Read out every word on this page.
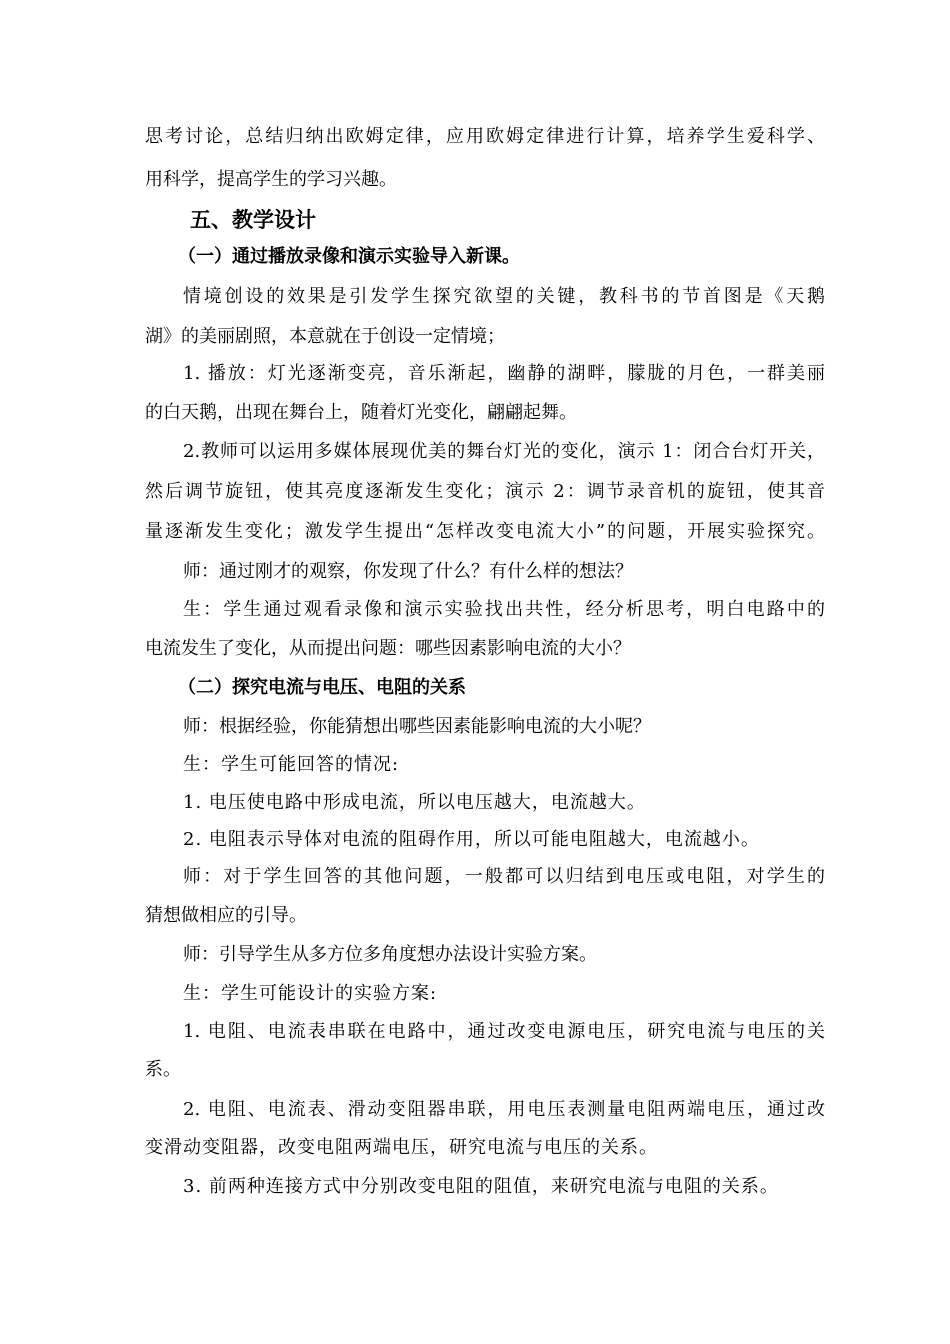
思考讨论，总结归纳出欧姆定律，应用欧姆定律进行计算，培养学生爱科学、
用科学，提高学生的学习兴趣。
五、教学设计
（一）通过播放录像和演示实验导入新课。
情境创设的效果是引发学生探究欲望的关键，教科书的节首图是《天鹅
湖》的美丽剧照，本意就在于创设一定情境；
1. 播放：灯光逐渐变亮，音乐渐起，幽静的湖畔，朦胧的月色，一群美丽
的白天鹅，出现在舞台上，随着灯光变化，翩翩起舞。
2.教师可以运用多媒体展现优美的舞台灯光的变化，演示 1：闭合台灯开关，
然后调节旋钮，使其亮度逐渐发生变化；演示 2：调节录音机的旋钮，使其音
量逐渐发生变化；激发学生提出“怎样改变电流大小”的问题，开展实验探究。
师：通过刚才的观察，你发现了什么？有什么样的想法？
生：学生通过观看录像和演示实验找出共性，经分析思考，明白电路中的
电流发生了变化，从而提出问题：哪些因素影响电流的大小？
（二）探究电流与电压、电阻的关系
师：根据经验，你能猜想出哪些因素能影响电流的大小呢？
生：学生可能回答的情况:
1. 电压使电路中形成电流，所以电压越大，电流越大。
2. 电阻表示导体对电流的阻碍作用，所以可能电阻越大，电流越小。
师：对于学生回答的其他问题，一般都可以归结到电压或电阻，对学生的
猜想做相应的引导。
师：引导学生从多方位多角度想办法设计实验方案。
生：学生可能设计的实验方案:
1. 电阻、电流表串联在电路中，通过改变电源电压，研究电流与电压的关
系。
2. 电阻、电流表、滑动变阻器串联，用电压表测量电阻两端电压，通过改
变滑动变阻器，改变电阻两端电压，研究电流与电压的关系。
3. 前两种连接方式中分别改变电阻的阻值，来研究电流与电阻的关系。
